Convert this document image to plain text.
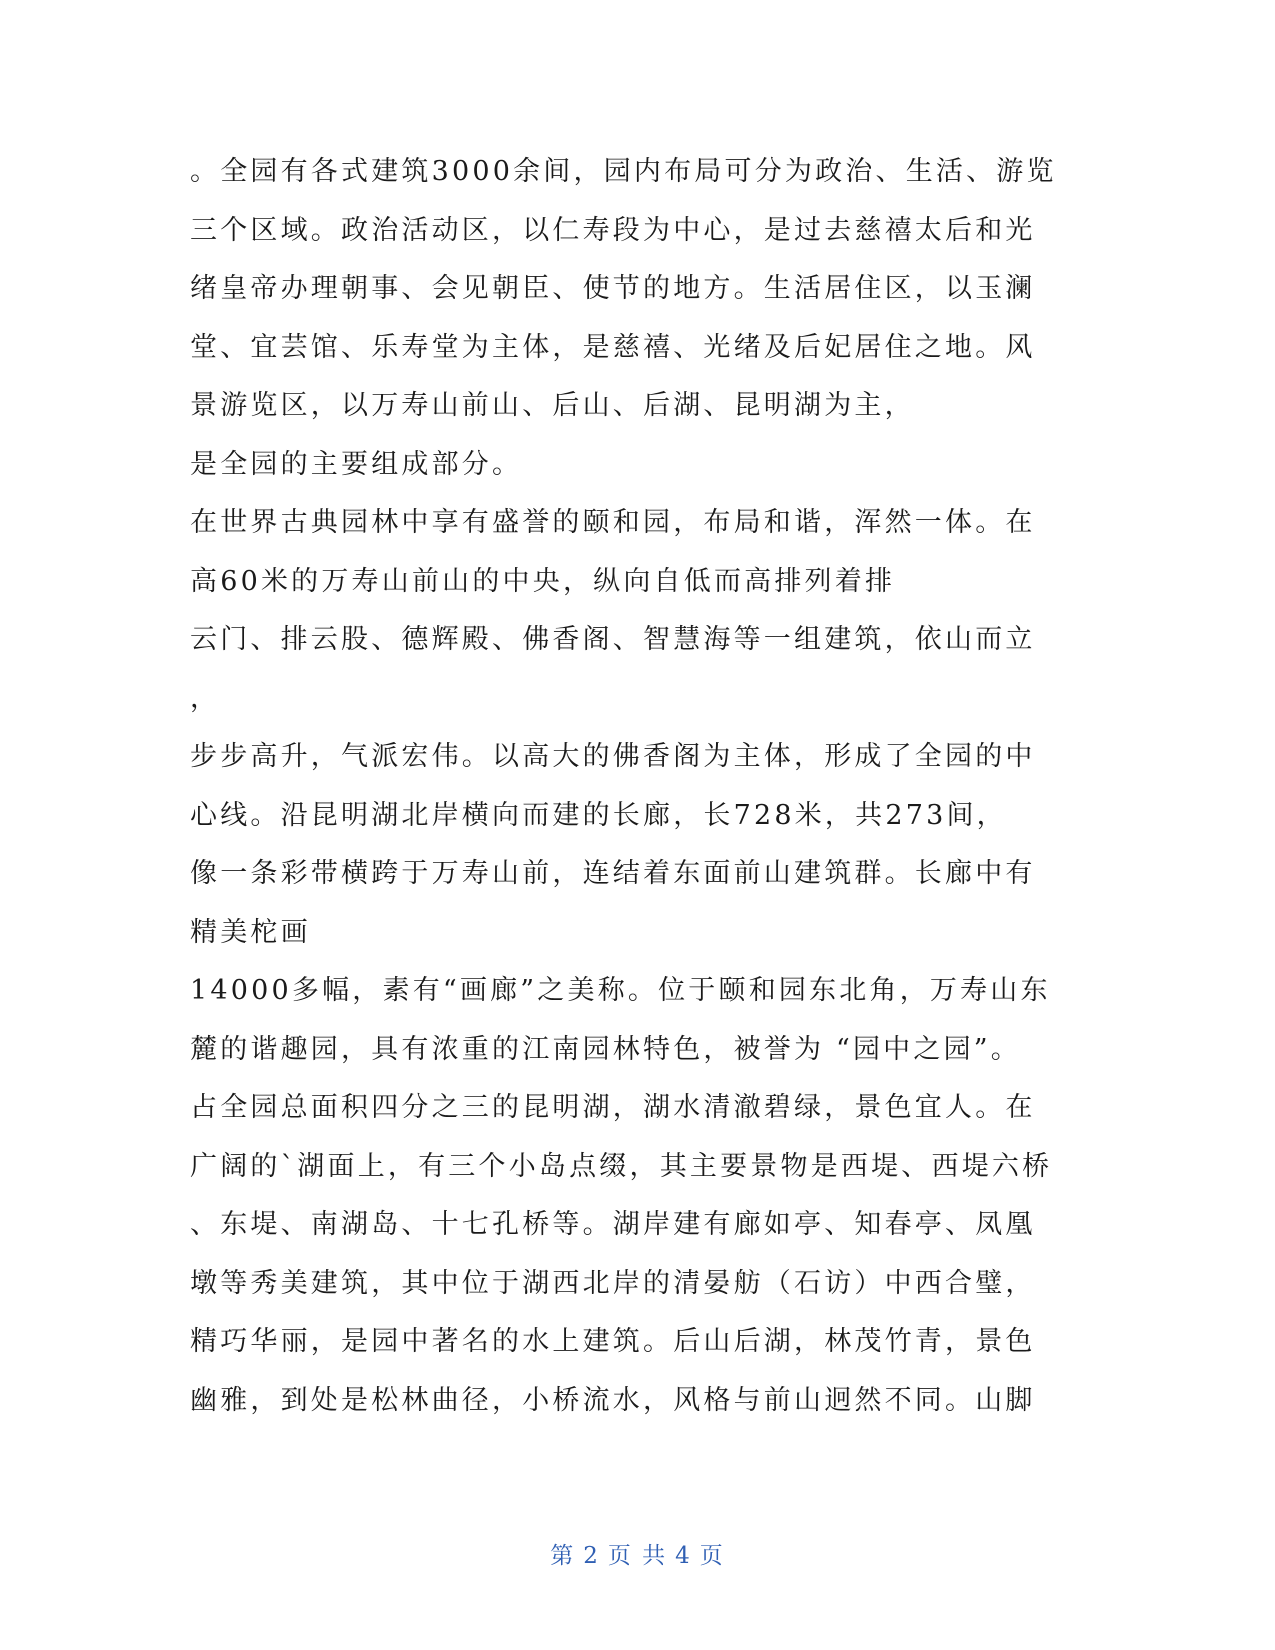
。全园有各式建筑3000余间，园内布局可分为政治、生活、游览
三个区域。政治活动区，以仁寿段为中心，是过去慈禧太后和光
绪皇帝办理朝事、会见朝臣、使节的地方。生活居住区，以玉澜
堂、宜芸馆、乐寿堂为主体，是慈禧、光绪及后妃居住之地。风
景游览区，以万寿山前山、后山、后湖、昆明湖为主，
是全园的主要组成部分。
在世界古典园林中享有盛誉的颐和园，布局和谐，浑然一体。在
高60米的万寿山前山的中央，纵向自低而高排列着排
云门、排云股、德辉殿、佛香阁、智慧海等一组建筑，依山而立
，
步步高升，气派宏伟。以高大的佛香阁为主体，形成了全园的中
心线。沿昆明湖北岸横向而建的长廊，长728米，共273间，
像一条彩带横跨于万寿山前，连结着东面前山建筑群。长廊中有
精美柁画
14000多幅，素有“画廊”之美称。位于颐和园东北角，万寿山东
麓的谐趣园，具有浓重的江南园林特色，被誉为 “园中之园”。
占全园总面积四分之三的昆明湖，湖水清澈碧绿，景色宜人。在
广阔的`湖面上，有三个小岛点缀，其主要景物是西堤、西堤六桥
、东堤、南湖岛、十七孔桥等。湖岸建有廊如亭、知春亭、凤凰
墩等秀美建筑，其中位于湖西北岸的清晏舫（石访）中西合璧，
精巧华丽，是园中著名的水上建筑。后山后湖，林茂竹青，景色
幽雅，到处是松林曲径，小桥流水，风格与前山迥然不同。山脚
第 2 页 共 4 页
